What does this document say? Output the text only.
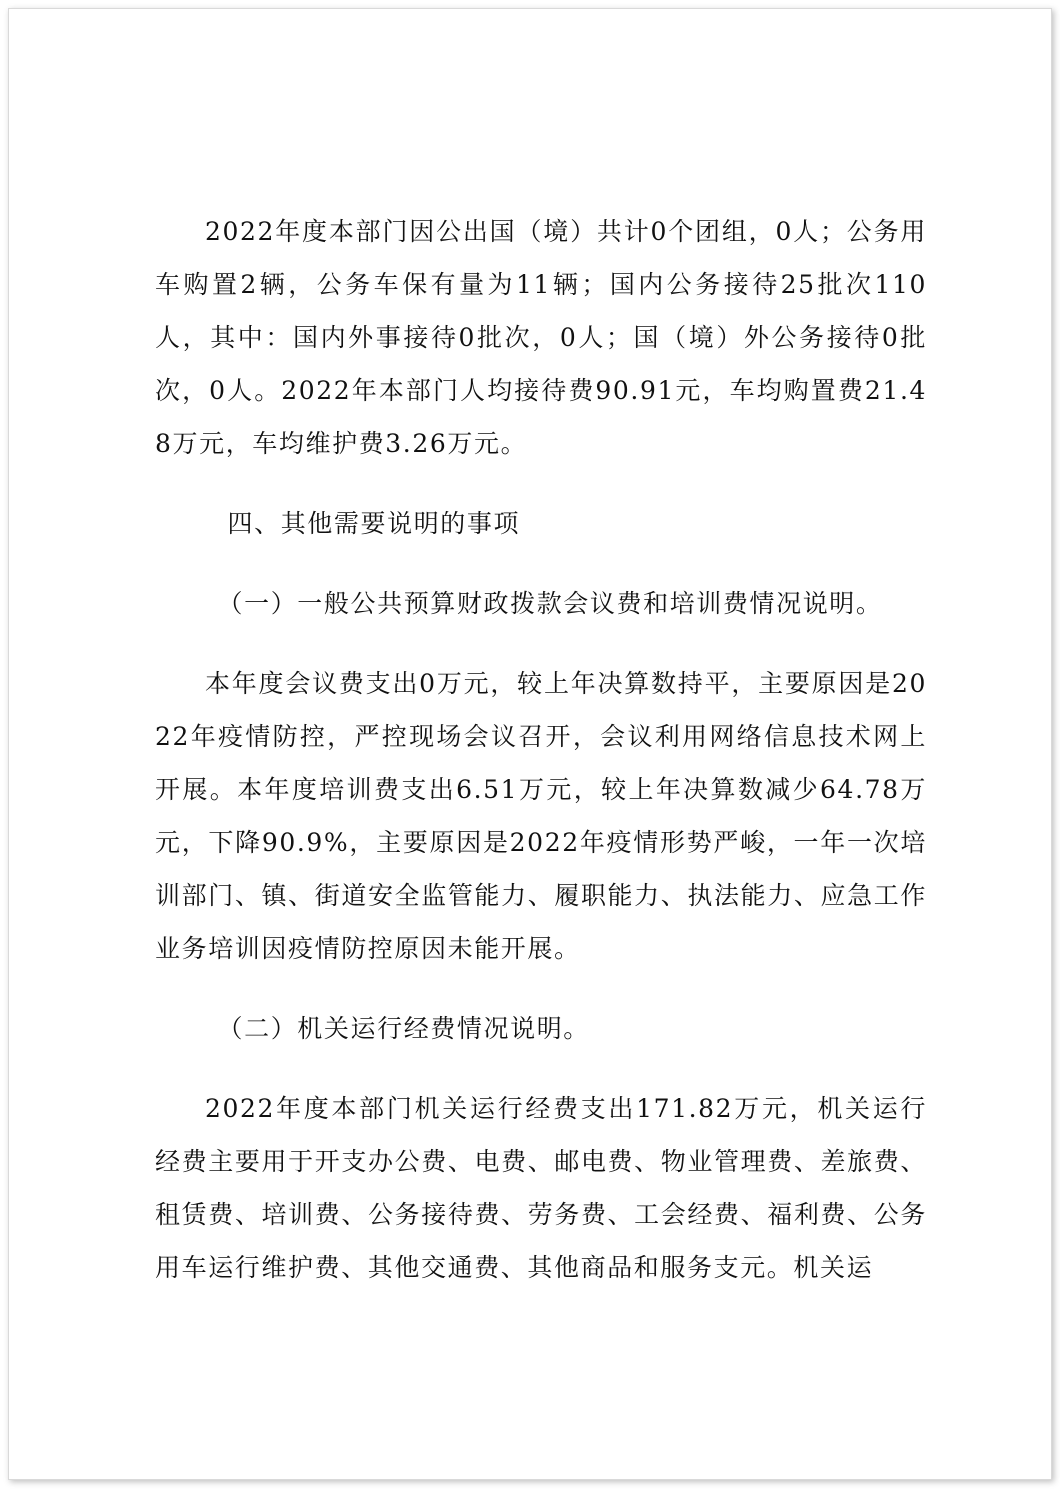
2022年度本部门因公出国（境）共计0个团组，0人；公务用车购置2辆，公务车保有量为11辆；国内公务接待25批次110人，其中：国内外事接待0批次，0人；国（境）外公务接待0批次，0人。2022年本部门人均接待费90.91元，车均购置费21.48万元，车均维护费3.26万元。

四、其他需要说明的事项

（一）一般公共预算财政拨款会议费和培训费情况说明。

本年度会议费支出0万元，较上年决算数持平，主要原因是2022年疫情防控，严控现场会议召开，会议利用网络信息技术网上开展。本年度培训费支出6.51万元，较上年决算数减少64.78万元，下降90.9%，主要原因是2022年疫情形势严峻，一年一次培训部门、镇、街道安全监管能力、履职能力、执法能力、应急工作业务培训因疫情防控原因未能开展。

（二）机关运行经费情况说明。

2022年度本部门机关运行经费支出171.82万元，机关运行经费主要用于开支办公费、电费、邮电费、物业管理费、差旅费、租赁费、培训费、公务接待费、劳务费、工会经费、福利费、公务用车运行维护费、其他交通费、其他商品和服务支元。机关运
